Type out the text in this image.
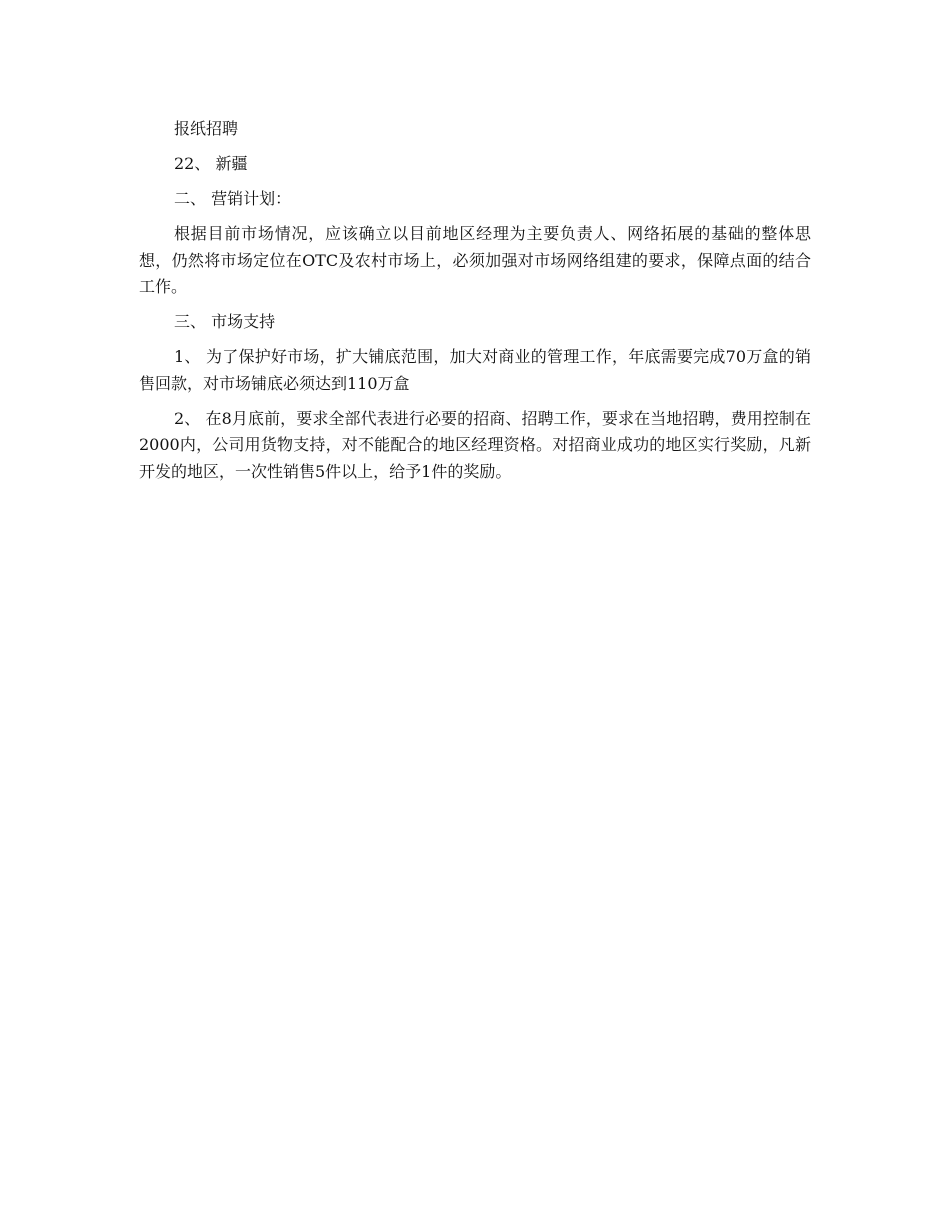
报纸招聘

22、 新疆

二、 营销计划：

根据目前市场情况，应该确立以目前地区经理为主要负责人、网络拓展的基础的整体思想，仍然将市场定位在OTC及农村市场上，必须加强对市场网络组建的要求，保障点面的结合工作。

三、 市场支持

1、 为了保护好市场，扩大铺底范围，加大对商业的管理工作，年底需要完成70万盒的销售回款，对市场铺底必须达到110万盒

2、 在8月底前，要求全部代表进行必要的招商、招聘工作，要求在当地招聘，费用控制在2000内，公司用货物支持，对不能配合的地区经理资格。对招商业成功的地区实行奖励，凡新开发的地区，一次性销售5件以上，给予1件的奖励。
